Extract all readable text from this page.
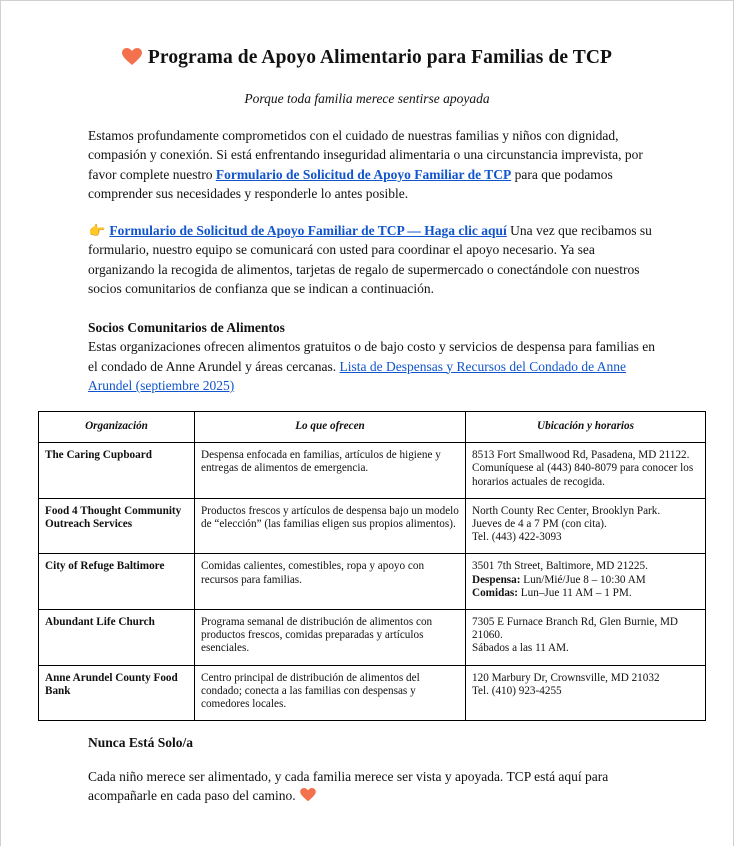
Programa de Apoyo Alimentario para Familias de TCP
Porque toda familia merece sentirse apoyada
Estamos profundamente comprometidos con el cuidado de nuestras familias y niños con dignidad, compasión y conexión. Si está enfrentando inseguridad alimentaria o una circunstancia imprevista, por favor complete nuestro Formulario de Solicitud de Apoyo Familiar de TCP para que podamos comprender sus necesidades y responderle lo antes posible.
👉 Formulario de Solicitud de Apoyo Familiar de TCP — Haga clic aquí Una vez que recibamos su formulario, nuestro equipo se comunicará con usted para coordinar el apoyo necesario. Ya sea organizando la recogida de alimentos, tarjetas de regalo de supermercado o conectándole con nuestros socios comunitarios de confianza que se indican a continuación.
Socios Comunitarios de Alimentos
Estas organizaciones ofrecen alimentos gratuitos o de bajo costo y servicios de despensa para familias en el condado de Anne Arundel y áreas cercanas. Lista de Despensas y Recursos del Condado de Anne Arundel (septiembre 2025)
Organización	Lo que ofrecen	Ubicación y horarios
The Caring Cupboard	Despensa enfocada en familias, artículos de higiene y entregas de alimentos de emergencia.	8513 Fort Smallwood Rd, Pasadena, MD 21122. Comuníquese al (443) 840-8079 para conocer los horarios actuales de recogida.
Food 4 Thought Community Outreach Services	Productos frescos y artículos de despensa bajo un modelo de “elección” (las familias eligen sus propios alimentos).	North County Rec Center, Brooklyn Park.
Jueves de 4 a 7 PM (con cita).
Tel. (443) 422-3093

City of Refuge Baltimore	Comidas calientes, comestibles, ropa y apoyo con recursos para familias.	3501 7th Street, Baltimore, MD 21225.
Despensa: Lun/Mié/Jue 8 – 10:30 AM
Comidas: Lun–Jue 11 AM – 1 PM.

Abundant Life Church	Programa semanal de distribución de alimentos con productos frescos, comidas preparadas y artículos esenciales.	7305 E Furnace Branch Rd, Glen Burnie, MD 21060.
Sábados a las 11 AM.

Anne Arundel County Food Bank	Centro principal de distribución de alimentos del condado; conecta a las familias con despensas y comedores locales.	120 Marbury Dr, Crownsville, MD 21032
Tel. (410) 923-4255
Nunca Está Solo/a
Cada niño merece ser alimentado, y cada familia merece ser vista y apoyada. TCP está aquí para acompañarle en cada paso del camino.
